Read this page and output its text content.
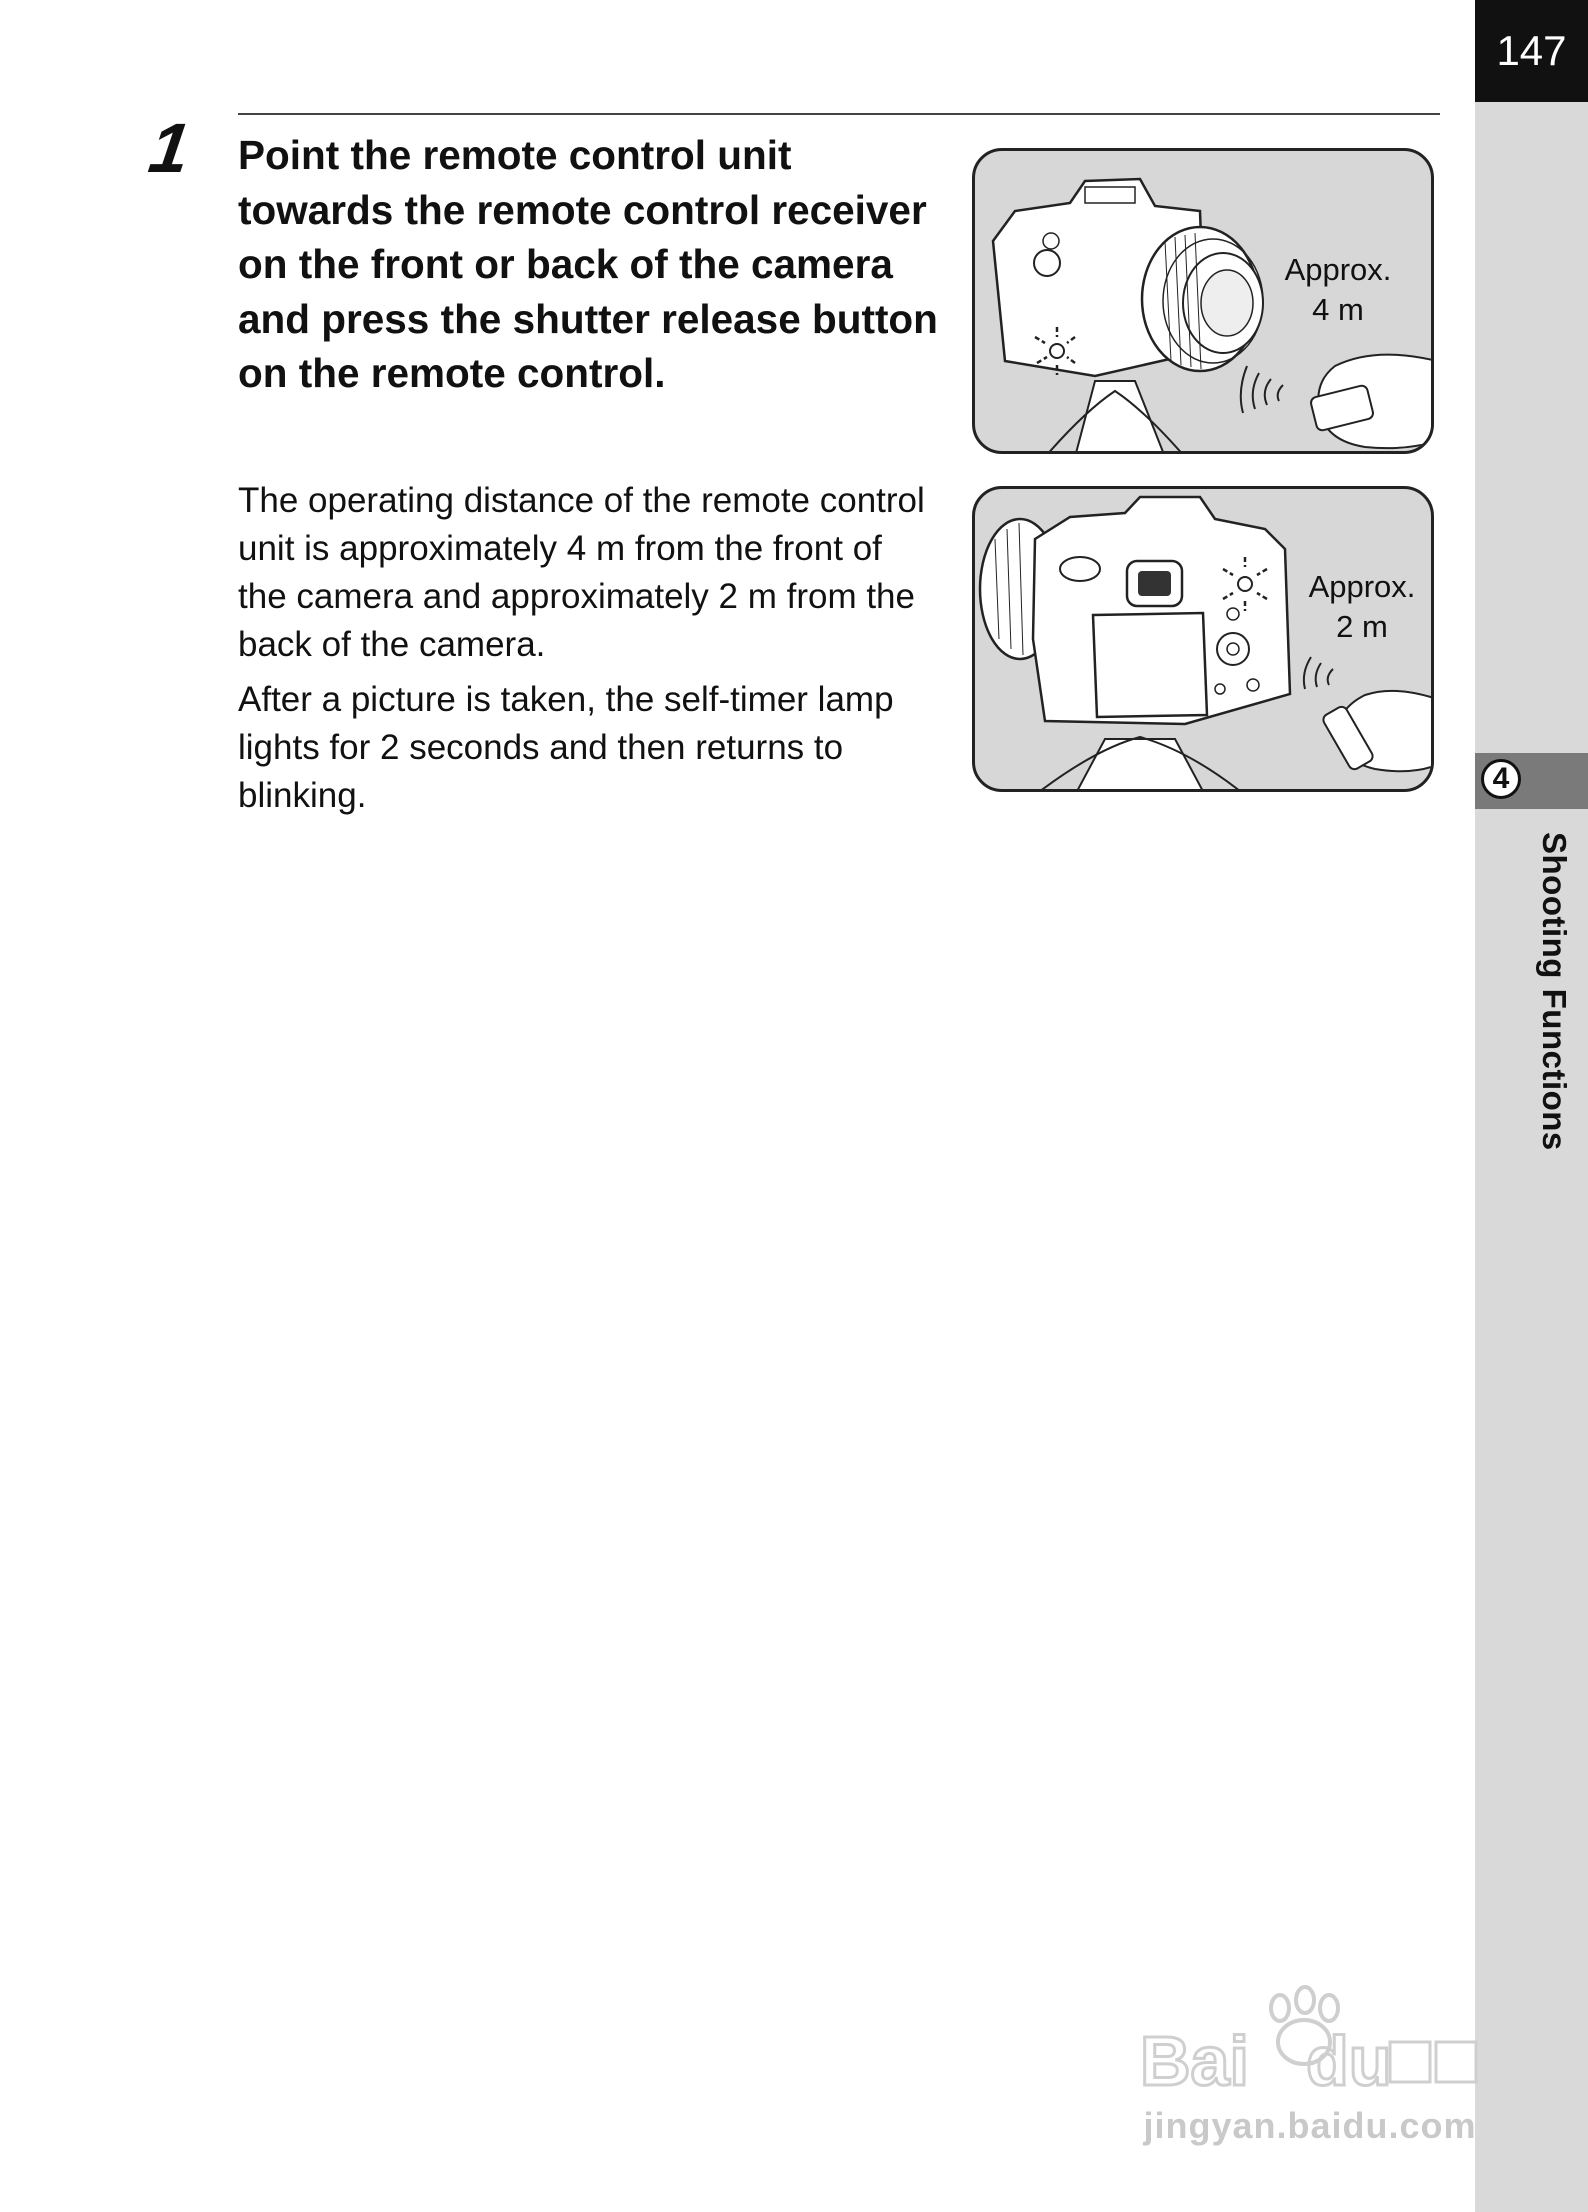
147
4
Shooting Functions
1 Point the remote control unit towards the remote control receiver on the front or back of the camera and press the shutter release button on the remote control.
The operating distance of the remote control unit is approximately 4 m from the front of the camera and approximately 2 m from the back of the camera.
After a picture is taken, the self-timer lamp lights for 2 seconds and then returns to blinking.
Approx.
4 m
Approx.
2 m
Bai du
jingyan.baidu.com
